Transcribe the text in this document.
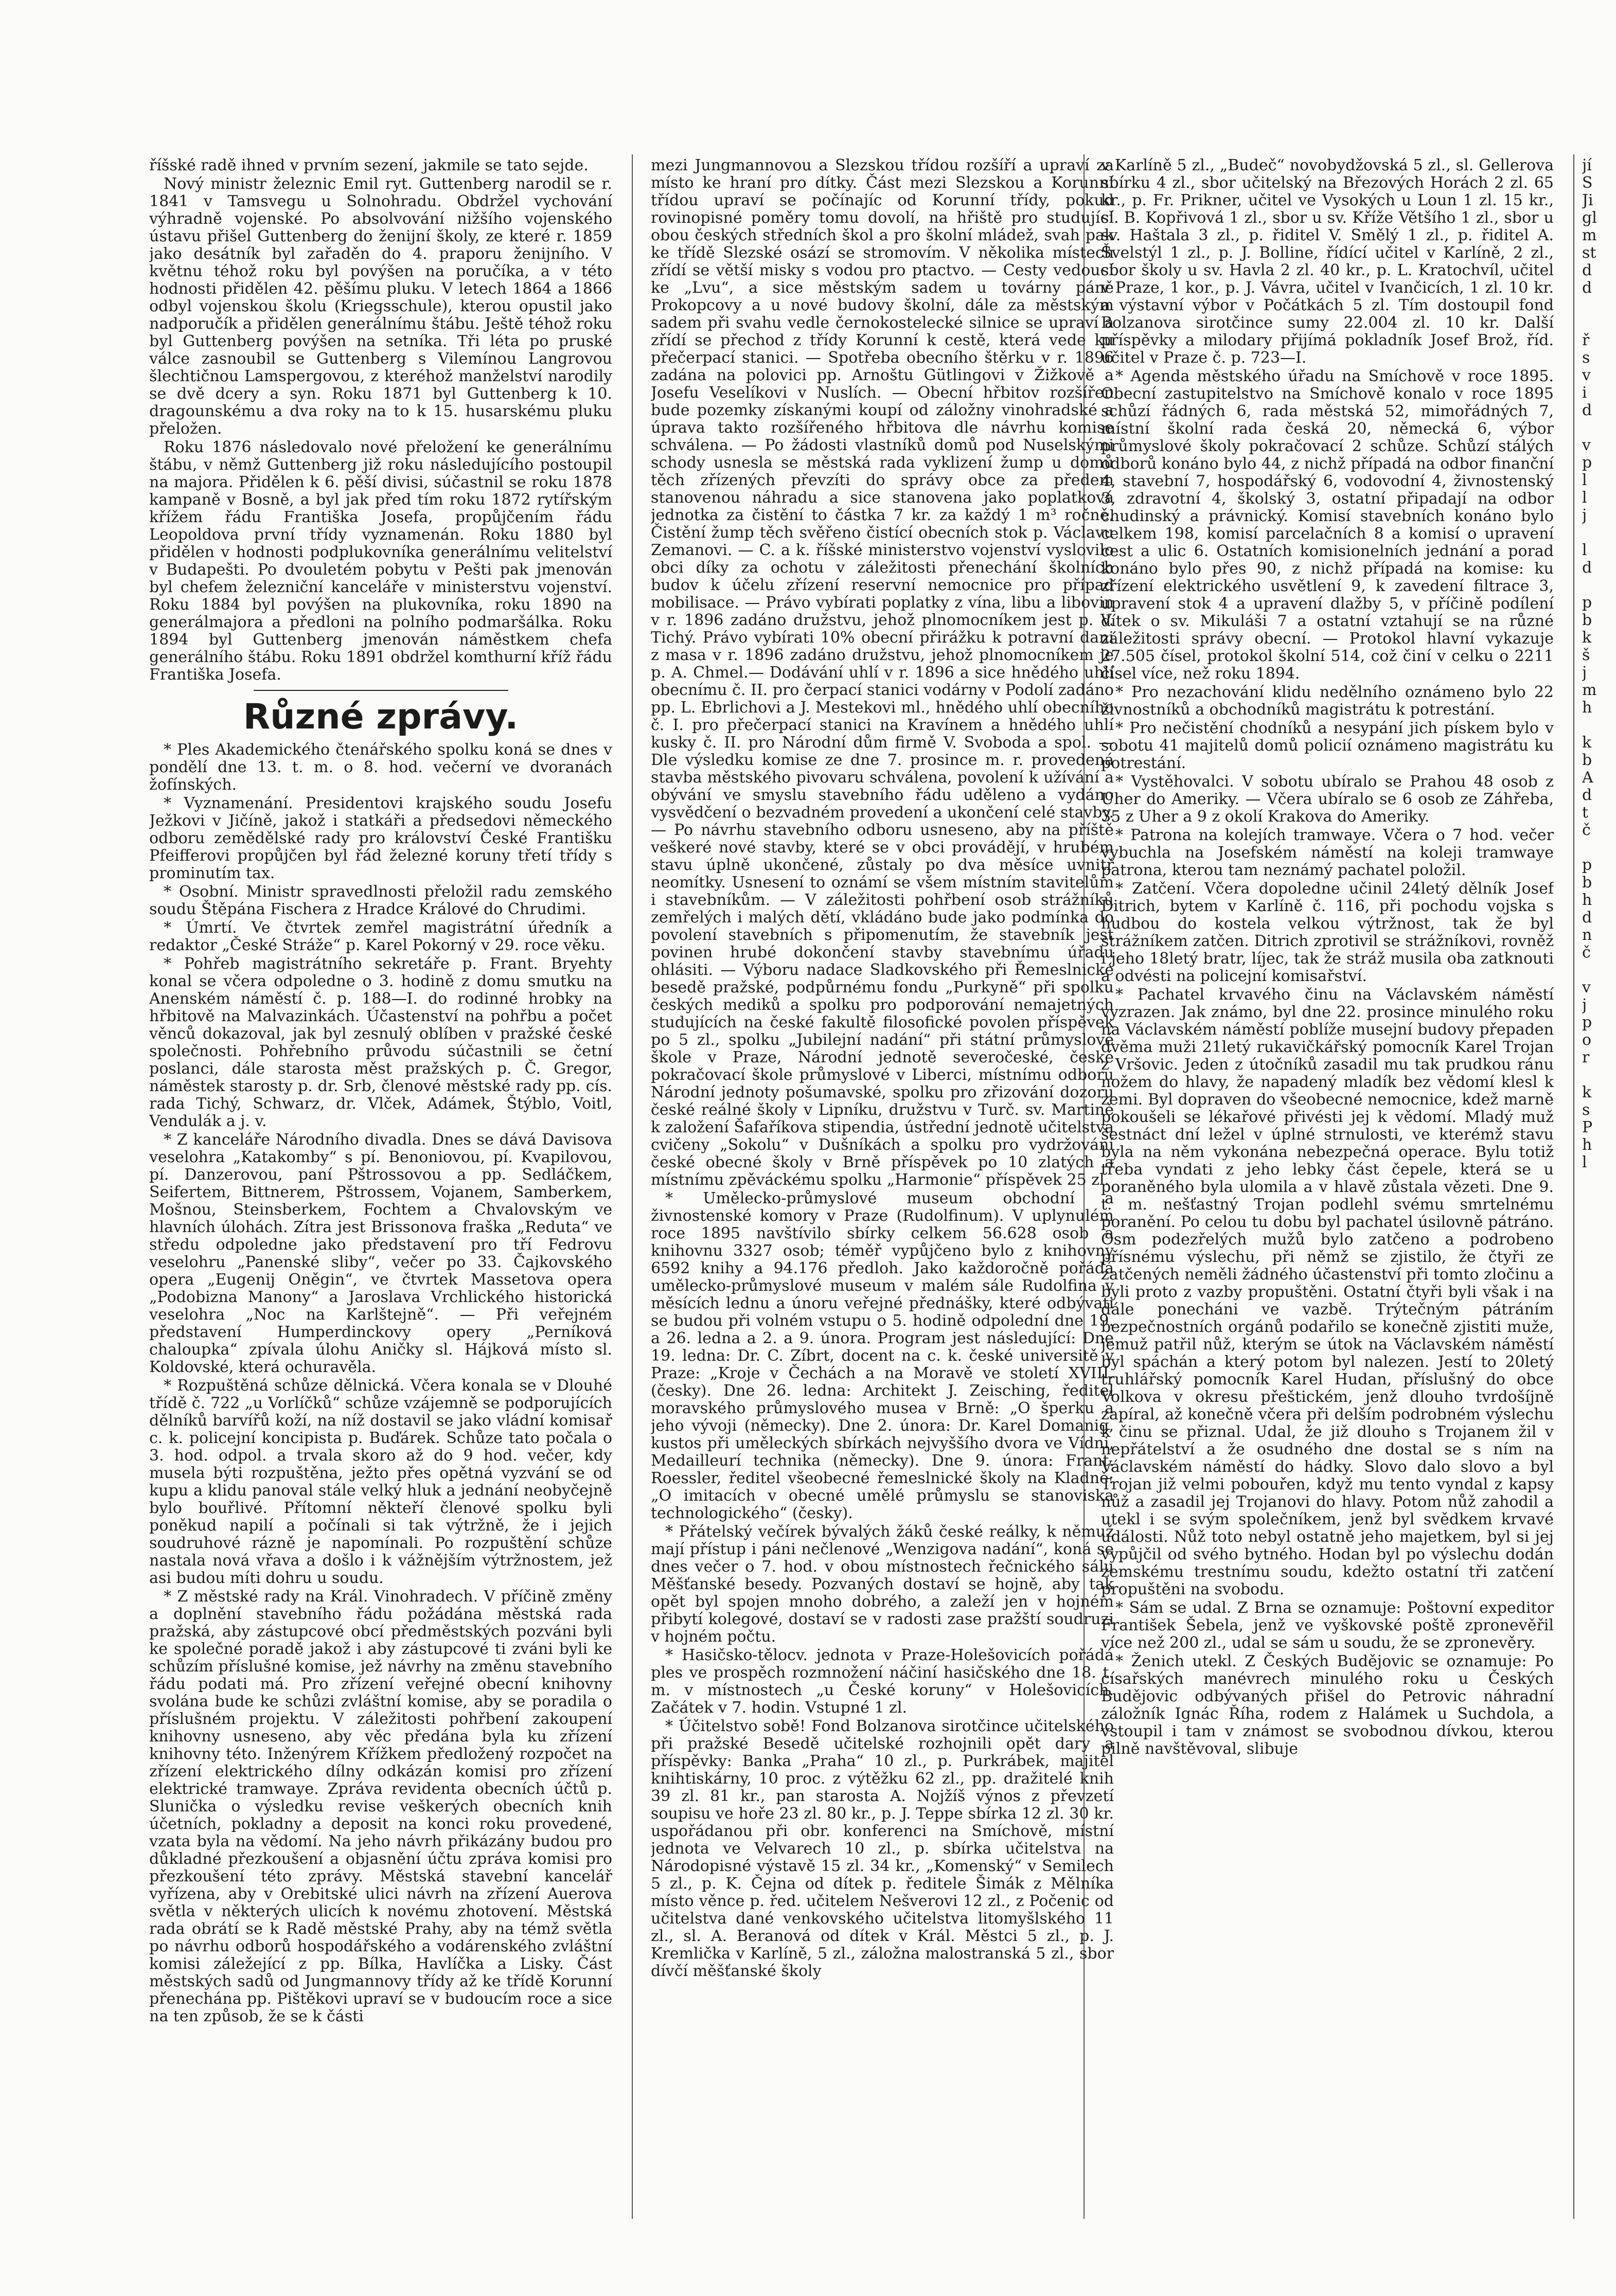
říšské radě ihned v prvním sezení, jakmile se tato sejde.

Nový ministr železnic Emil ryt. Guttenberg narodil se r. 1841 v Tamsvegu u Solnohradu. Obdržel vychování výhradně vojenské. Po absolvování nižšího vojenského ústavu přišel Guttenberg do ženijní školy, ze které r. 1859 jako desátník byl zařaděn do 4. praporu ženijního. V květnu téhož roku byl povýšen na poručíka, a v této hodnosti přidělen 42. pěšímu pluku. V letech 1864 a 1866 odbyl vojenskou školu (Kriegsschule), kterou opustil jako nadporučík a přidělen generálnímu štábu. Ještě téhož roku byl Guttenberg povýšen na setníka. Tři léta po pruské válce zasnoubil se Guttenberg s Vilemínou Langrovou šlechtičnou Lamspergovou, z kteréhož manželství narodily se dvě dcery a syn. Roku 1871 byl Guttenberg k 10. dragounskému a dva roky na to k 15. husarskému pluku přeložen.

Roku 1876 následovalo nové přeložení ke generálnímu štábu, v němž Guttenberg již roku následujícího postoupil na majora. Přidělen k 6. pěší divisi, súčastnil se roku 1878 kampaně v Bosně, a byl jak před tím roku 1872 rytířským křížem řádu Františka Josefa, propůjčením řádu Leopoldova první třídy vyznamenán. Roku 1880 byl přidělen v hodnosti podplukovníka generálnímu velitelství v Budapešti. Po dvouletém pobytu v Pešti pak jmenován byl chefem železniční kanceláře v ministerstvu vojenství. Roku 1884 byl povýšen na plukovníka, roku 1890 na generálmajora a předloni na polního podmaršálka. Roku 1894 byl Guttenberg jmenován náměstkem chefa generálního štábu. Roku 1891 obdržel komthurní kříž řádu Františka Josefa.

Různé zprávy.

* Ples Akademického čtenářského spolku koná se dnes v pondělí dne 13. t. m. o 8. hod. večerní ve dvoranách žofínských.

* Vyznamenání. Presidentovi krajského soudu Josefu Ježkovi v Jičíně, jakož i statkáři a předsedovi německého odboru zemědělské rady pro království České Františku Pfeifferovi propůjčen byl řád železné koruny třetí třídy s prominutím tax.

* Osobní. Ministr spravedlnosti přeložil radu zemského soudu Štěpána Fischera z Hradce Králové do Chrudimi.

* Úmrtí. Ve čtvrtek zemřel magistrátní úředník a redaktor „České Stráže“ p. Karel Pokorný v 29. roce věku.

* Pohřeb magistrátního sekretáře p. Frant. Bryehty konal se včera odpoledne o 3. hodině z domu smutku na Anenském náměstí č. p. 188—I. do rodinné hrobky na hřbitově na Malvazinkách. Účastenství na pohřbu a počet věnců dokazoval, jak byl zesnulý oblíben v pražské české společnosti. Pohřebního průvodu súčastnili se četní poslanci, dále starosta měst pražských p. Č. Gregor, náměstek starosty p. dr. Srb, členové městské rady pp. cís. rada Tichý, Schwarz, dr. Vlček, Adámek, Štýblo, Voitl, Vendulák a j. v.

* Z kanceláře Národního divadla. Dnes se dává Davisova veselohra „Katakomby“ s pí. Benoniovou, pí. Kvapilovou, pí. Danzerovou, paní Pštrossovou a pp. Sedláčkem, Seifertem, Bittnerem, Pštrossem, Vojanem, Samberkem, Mošnou, Steinsberkem, Fochtem a Chvalovským ve hlavních úlohách. Zítra jest Brissonova fraška „Reduta“ ve středu odpoledne jako představení pro tří Fedrovu veselohru „Panenské sliby“, večer po 33. Čajkovského opera „Eugenij Oněgin“, ve čtvrtek Massetova opera „Podobizna Manony“ a Jaroslava Vrchlického historická veselohra „Noc na Karlštejně“. — Při veřejném představení Humperdinckovy opery „Perníková chaloupka“ zpívala úlohu Aničky sl. Hájková místo sl. Koldovské, která ochuravěla.

* Rozpuštěná schůze dělnická. Včera konala se v Dlouhé třídě č. 722 „u Vorlíčků“ schůze vzájemně se podporujících dělníků barvířů koží, na níž dostavil se jako vládní komisař c. k. policejní koncipista p. Buďárek. Schůze tato počala o 3. hod. odpol. a trvala skoro až do 9 hod. večer, kdy musela býti rozpuštěna, ježto přes opětná vyzvání se od kupu a klidu panoval stále velký hluk a jednání neobyčejně bylo bouřlivé. Přítomní někteří členové spolku byli poněkud napilí a počínali si tak výtržně, že i jejich soudruhové rázně je napomínali. Po rozpuštění schůze nastala nová vřava a došlo i k vážnějším výtržnostem, jež asi budou míti dohru u soudu.

* Z městské rady na Král. Vinohradech. V příčině změny a doplnění stavebního řádu požádána městská rada pražská, aby zástupcové obcí předměstských pozváni byli ke společné poradě jakož i aby zástupcové ti zváni byli ke schůzím příslušné komise, jež návrhy na změnu stavebního řádu podati má. Pro zřízení veřejné obecní knihovny svolána bude ke schůzi zvláštní komise, aby se poradila o příslušném projektu. V záležitosti pohřbení zakoupení knihovny usneseno, aby věc předána byla ku zřízení knihovny této. Inženýrem Křížkem předložený rozpočet na zřízení elektrického dílny odkázán komisi pro zřízení elektrické tramwaye. Zpráva revidenta obecních účtů p. Slunička o výsledku revise veškerých obecních knih účetních, pokladny a deposit na konci roku provedené, vzata byla na vědomí. Na jeho návrh přikázány budou pro důkladné přezkoušení a objasnění účtu zpráva komisi pro přezkoušení této zprávy. Městská stavební kancelář vyřízena, aby v Orebitské ulici návrh na zřízení Auerova světla v některých ulicích k novému zhotovení. Městská rada obrátí se k Radě městské Prahy, aby na témž světla po návrhu odborů hospodářského a vodárenského zvláštní komisi záležející z pp. Bílka, Havlíčka a Lisky. Část městských sadů od Jungmannovy třídy až ke třídě Korunní přenechána pp. Pištěkovi upraví se v budoucím roce a sice na ten způsob, že se k části

mezi Jungmannovou a Slezskou třídou rozšíří a upraví za místo ke hraní pro dítky. Část mezi Slezskou a Korunní třídou upraví se počínajíc od Korunní třídy, pokud rovinopisné poměry tomu dovolí, na hřiště pro studující obou českých středních škol a pro školní mládež, svah pak ke třídě Slezské osází se stromovím. V několika místech zřídí se větší misky s vodou pro ptactvo. — Cesty vedoucí ke „Lvu“, a sice městským sadem u továrny páně Prokopcovy a u nové budovy školní, dále za městským sadem při svahu vedle černokostelecké silnice se upraví a zřídí se přechod z třídy Korunní k cestě, která vede ku přečerpací stanici. — Spotřeba obecního štěrku v r. 1896 zadána na polovici pp. Arnoštu Gütlingovi v Žižkově a Josefu Veselíkovi v Nuslích. — Obecní hřbitov rozšířen bude pozemky získanými koupí od záložny vinohradské a úprava takto rozšířeného hřbitova dle návrhu komise schválena. — Po žádosti vlastníků domů pod Nuselskými schody usnesla se městská rada vyklizení žump u domů těch zřízených převzíti do správy obce za předem stanovenou náhradu a sice stanovena jako poplatková jednotka za čistění to částka 7 kr. za každý 1 m³ ročně. Čistění žump těch svěřeno čistící obecních stok p. Václavu Zemanovi. — C. a k. říšské ministerstvo vojenství vyslovilo obci díky za ochotu v záležitosti přenechání školních budov k účelu zřízení reservní nemocnice pro případ mobilisace. — Právo vybírati poplatky z vína, libu a libovin v r. 1896 zadáno družstvu, jehož plnomocníkem jest p. V. Tichý. Právo vybírati 10% obecní přirážku k potravní dani z masa v r. 1896 zadáno družstvu, jehož plnomocníkem je p. A. Chmel.— Dodávání uhlí v r. 1896 a sice hnědého uhlí obecnímu č. II. pro čerpací stanici vodárny v Podolí zadáno pp. L. Ebrlichovi a J. Mestekovi ml., hnědého uhlí obecního č. I. pro přečerpací stanici na Kravínem a hnědého uhlí kusky č. II. pro Národní dům firmě V. Svoboda a spol. — Dle výsledku komise ze dne 7. prosince m. r. provedená stavba městského pivovaru schválena, povolení k užívání a obývání ve smyslu stavebního řádu uděleno a vydáno vysvědčení o bezvadném provedení a ukončení celé stavby. — Po návrhu stavebního odboru usneseno, aby na příště veškeré nové stavby, které se v obci provádějí, v hrubém stavu úplně ukončené, zůstaly po dva měsíce uvnitř neomítky. Usnesení to oznámí se všem místním stavitelům i stavebníkům. — V záležitosti pohřbení osob strážníků zemřelých i malých dětí, vkládáno bude jako podmínka do povolení stavebních s připomenutím, že stavebník jest povinen hrubé dokončení stavby stavebnímu úřadu ohlásiti. — Výboru nadace Sladkovského při Řemeslnické besedě pražské, podpůrnému fondu „Purkyně“ při spolku českých mediků a spolku pro podporování nemajetných studujících na české fakultě filosofické povolen příspěvek po 5 zl., spolku „Jubilejní nadání“ při státní průmyslové škole v Praze, Národní jednotě severočeské, české pokračovací škole průmyslové v Liberci, místnímu odboru Národní jednoty pošumavské, spolku pro zřizování dozoru české reálné školy v Lipníku, družstvu v Turč. sv. Martině k založení Šafaříkova stipendia, ústřední jednotě učitelstva cvičeny „Sokolu“ v Dušníkách a spolku pro vydržování české obecné školy v Brně příspěvek po 10 zlatých a místnímu zpěváckému spolku „Harmonie“ příspěvek 25 zl.

* Umělecko-průmyslové museum obchodní a živnostenské komory v Praze (Rudolfinum). V uplynulém roce 1895 navštívilo sbírky celkem 56.628 osob a knihovnu 3327 osob; téměř vypůjčeno bylo z knihovny 6592 knihy a 94.176 předloh. Jako každoročně pořádá umělecko-průmyslové museum v malém sále Rudolfina v měsících lednu a únoru veřejné přednášky, které odbývati se budou při volném vstupu o 5. hodině odpolední dne 19. a 26. ledna a 2. a 9. února. Program jest následující: Dne 19. ledna: Dr. C. Zíbrt, docent na c. k. české universitě v Praze: „Kroje v Čechách a na Moravě ve století XVIII. (česky). Dne 26. ledna: Architekt J. Zeisching, ředitel moravského průmyslového musea v Brně: „O šperku a jeho vývoji (německy). Dne 2. února: Dr. Karel Domanig, kustos při uměleckých sbírkách nejvyššího dvora ve Vídni, Medailleurí technika (německy). Dne 9. února: Frant. Roessler, ředitel všeobecné řemeslnické školy na Kladně: „O imitacích v obecné umělé průmyslu se stanoviska technologického“ (česky).

* Přátelský večírek bývalých žáků české reálky, k němuž mají přístup i páni nečlenové „Wenzigova nadání“, koná se dnes večer o 7. hod. v obou místnostech řečnického sálu Měšťanské besedy. Pozvaných dostaví se hojně, aby tak opět byl spojen mnoho dobrého, a zaleží jen v hojném přibytí kolegové, dostaví se v radosti zase pražští soudruzi v hojném počtu.

* Hasičsko-tělocv. jednota v Praze-Holešovicích pořádá ples ve prospěch rozmnožení náčiní hasičského dne 18. t. m. v místnostech „u České koruny“ v Holešovicích. Začátek v 7. hodin. Vstupné 1 zl.

* Účitelstvo sobě! Fond Bolzanova sirotčince učitelského při pražské Besedě učitelské rozhojnili opět dary a příspěvky: Banka „Praha“ 10 zl., p. Purkrábek, majitel knihtiskárny, 10 proc. z výtěžku 62 zl., pp. dražitelé knih 39 zl. 81 kr., pan starosta A. Nojžíš výnos z převzetí soupisu ve hoře 23 zl. 80 kr., p. J. Teppe sbírka 12 zl. 30 kr. uspořádanou při obr. konferenci na Smíchově, místní jednota ve Velvarech 10 zl., p. sbírka učitelstva na Národopisné výstavě 15 zl. 34 kr., „Komenský“ v Semilech 5 zl., p. K. Čejna od dítek p. ředitele Šimák z Mělníka místo věnce p. řed. učitelem Nešverovi 12 zl., z Počenic od učitelstva dané venkovského učitelstva litomyšlského 11 zl., sl. A. Beranová od dítek v Král. Městci 5 zl., p. J. Kremlička v Karlíně, 5 zl., záložna malostranská 5 zl., sbor dívčí měšťanské školy

v Karlíně 5 zl., „Budeč“ novobydžovská 5 zl., sl. Gellerova sbírku 4 zl., sbor učitelský na Březových Horách 2 zl. 65 kr., p. Fr. Prikner, učitel ve Vysokých u Loun 1 zl. 15 kr., sl. B. Kopřivová 1 zl., sbor u sv. Kříže Většího 1 zl., sbor u sv. Haštala 3 zl., p. řiditel V. Smělý 1 zl., p. řiditel A. Švelstýl 1 zl., p. J. Bolline, řídící učitel v Karlíně, 2 zl., sbor školy u sv. Havla 2 zl. 40 kr., p. L. Kratochvíl, učitel v Praze, 1 kor., p. J. Vávra, učitel v Ivančicích, 1 zl. 10 kr. a výstavní výbor v Počátkách 5 zl. Tím dostoupil fond Bolzanova sirotčince sumy 22.004 zl. 10 kr. Další příspěvky a milodary přijímá pokladník Josef Brož, říd. učitel v Praze č. p. 723—I.

* Agenda městského úřadu na Smíchově v roce 1895. Obecní zastupitelstvo na Smíchově konalo v roce 1895 schůzí řádných 6, rada městská 52, mimořádných 7, místní školní rada česká 20, německá 6, výbor průmyslové školy pokračovací 2 schůze. Schůzí stálých odborů konáno bylo 44, z nichž případá na odbor finanční 4, stavební 7, hospodářský 6, vodovodní 4, živnostenský 3, zdravotní 4, školský 3, ostatní připadají na odbor chudinský a právnický. Komisí stavebních konáno bylo celkem 198, komisí parcelačních 8 a komisí o upravení cest a ulic 6. Ostatních komisionelních jednání a porad konáno bylo přes 90, z nichž případá na komise: ku zřízení elektrického usvětlení 9, k zavedení filtrace 3, upravení stok 4 a upravení dlažby 5, v příčině podílení dítek o sv. Mikuláši 7 a ostatní vztahují se na různé záležitosti správy obecní. — Protokol hlavní vykazuje 27.505 čísel, protokol školní 514, což činí v celku o 2211 čísel více, než roku 1894.

* Pro nezachování klidu nedělního oznámeno bylo 22 živnostníků a obchodníků magistrátu k potrestání.

* Pro nečistění chodníků a nesypání jich pískem bylo v sobotu 41 majitelů domů policií oznámeno magistrátu ku potrestání.

* Vystěhovalci. V sobotu ubíralo se Prahou 48 osob z Uher do Ameriky. — Včera ubíralo se 6 osob ze Záhřeba, 35 z Uher a 9 z okolí Krakova do Ameriky.

* Patrona na kolejích tramwaye. Včera o 7 hod. večer vybuchla na Josefském náměstí na koleji tramwaye patrona, kterou tam neznámý pachatel položil.

* Zatčení. Včera dopoledne učinil 24letý dělník Josef Ditrich, bytem v Karlíně č. 116, při pochodu vojska s hudbou do kostela velkou výtržnost, tak že byl strážníkem zatčen. Ditrich zprotivil se strážníkovi, rovněž i jeho 18letý bratr, líjec, tak že stráž musila oba zatknouti a odvésti na policejní komisařství.

* Pachatel krvavého činu na Václavském náměstí vyzrazen. Jak známo, byl dne 22. prosince minulého roku na Václavském náměstí poblíže musejní budovy přepaden dvěma muži 21letý rukavičkářský pomocník Karel Trojan z Vršovic. Jeden z útočníků zasadil mu tak prudkou ránu nožem do hlavy, že napadený mladík bez vědomí klesl k zemi. Byl dopraven do všeobecné nemocnice, kdež marně pokoušeli se lékařové přivésti jej k vědomí. Mladý muž šestnáct dní ležel v úplné strnulosti, ve kterémž stavu byla na něm vykonána nebezpečná operace. Bylu totiž třeba vyndati z jeho lebky část čepele, která se u poraněného byla ulomila a v hlavě zůstala vězeti. Dne 9. t. m. nešťastný Trojan podlehl svému smrtelnému poranění. Po celou tu dobu byl pachatel úsilovně pátráno. Osm podezřelých mužů bylo zatčeno a podrobeno přísnému výslechu, při němž se zjistilo, že čtyři ze zatčených neměli žádného účastenství při tomto zločinu a byli proto z vazby propuštěni. Ostatní čtyři byli však i na dále ponecháni ve vazbě. Trýtečným pátráním bezpečnostních orgánů podařilo se konečně zjistiti muže, jemuž patřil nůž, kterým se útok na Václavském náměstí byl spáchán a který potom byl nalezen. Jestí to 20letý truhlářský pomocník Karel Hudan, příslušný do obce Volkova v okresu přeštickém, jenž dlouho tvrdošíjně zapíral, až konečně včera při delším podrobném výslechu k činu se přiznal. Udal, že již dlouho s Trojanem žil v nepřátelství a že osudného dne dostal se s ním na Václavském náměstí do hádky. Slovo dalo slovo a byl Trojan již velmi pobouřen, když mu tento vyndal z kapsy nůž a zasadil jej Trojanovi do hlavy. Potom nůž zahodil a utekl i se svým společníkem, jenž byl svědkem krvavé události. Nůž toto nebyl ostatně jeho majetkem, byl si jej vypůjčil od svého bytného. Hodan byl po výslechu dodán zemskému trestnímu soudu, kdežto ostatní tři zatčení propuštěni na svobodu.

* Sám se udal. Z Brna se oznamuje: Poštovní expeditor František Šebela, jenž ve vyškovské poště zpronevěřil více než 200 zl., udal se sám u soudu, že se zpronevěry.

* Ženich utekl. Z Českých Budějovic se oznamuje: Po císařských manévrech minulého roku u Českých Budějovic odbývaných přišel do Petrovic náhradní záložník Ignác Říha, rodem z Halámek u Suchdola, a vstoupil i tam v známost se svobodnou dívkou, kterou pilně navštěvoval, slibuje

jí
S
Ji
gl
m
st
d
d

ř
s
v
i
d

v
p
l
l
j

l
d

p
b
k
š
j
m
h

k
b
A
d
t
č

p
b
h
d
n
č

v
j
p
o
r

k
s
P
h
l
